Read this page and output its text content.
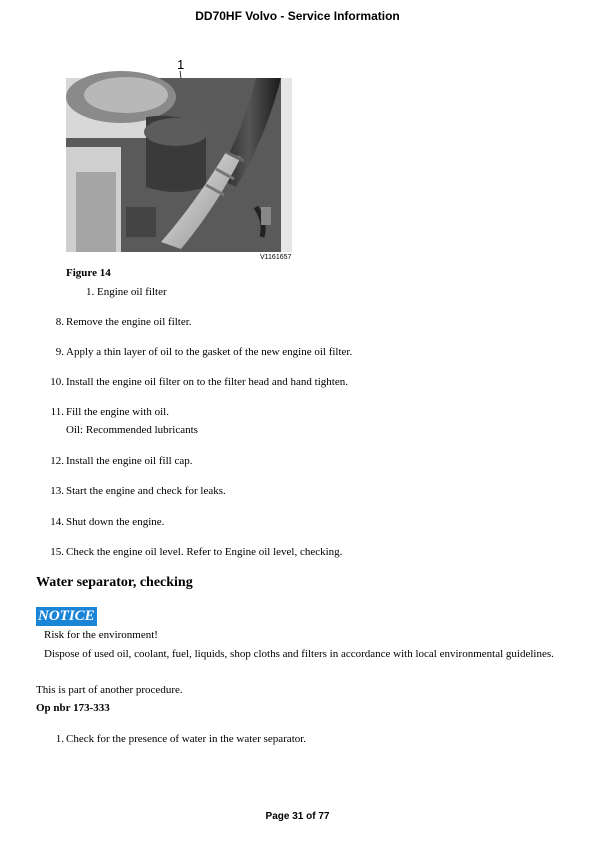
DD70HF Volvo - Service Information
1
V1161657
Figure 14
1. Engine oil filter
8. Remove the engine oil filter.
9. Apply a thin layer of oil to the gasket of the new engine oil filter.
10. Install the engine oil filter on to the filter head and hand tighten.
11. Fill the engine with oil.
Oil: Recommended lubricants
12. Install the engine oil fill cap.
13. Start the engine and check for leaks.
14. Shut down the engine.
15. Check the engine oil level. Refer to Engine oil level, checking.
Water separator, checking
NOTICE
Risk for the environment!
Dispose of used oil, coolant, fuel, liquids, shop cloths and filters in accordance with local environmental guidelines.
This is part of another procedure.
Op nbr 173-333
1. Check for the presence of water in the water separator.
Page 31 of 77
